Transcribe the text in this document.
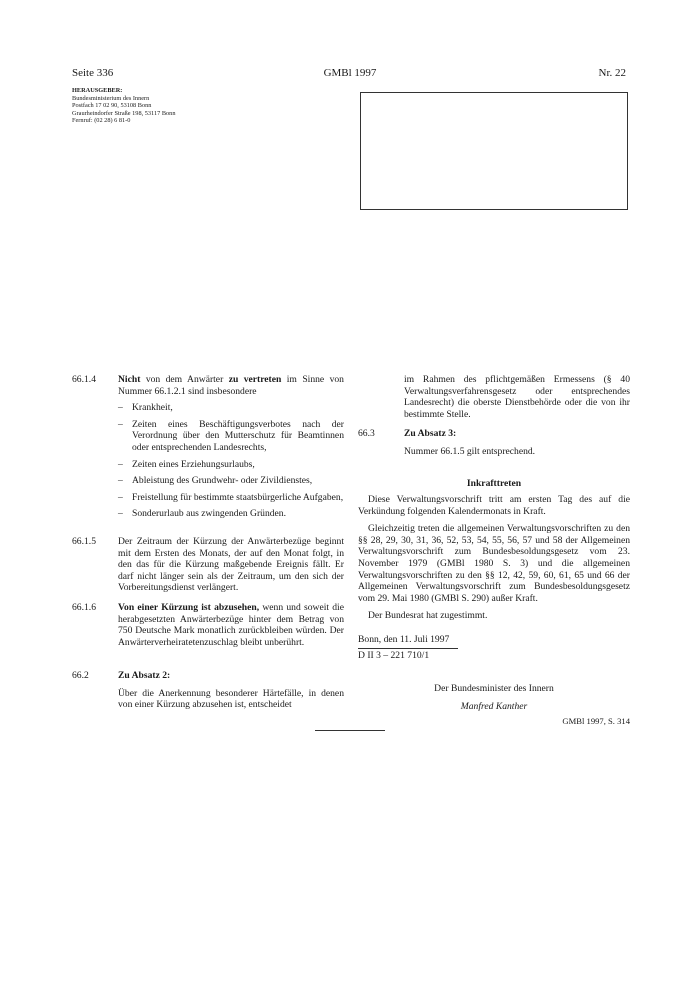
Seite 336	GMBl 1997	Nr. 22
HERAUSGEBER:
Bundesministerium des Innern
Postfach 17 02 90, 53108 Bonn
Graurheindorfer Straße 198, 53117 Bonn
Fernruf: (02 28) 6 81-0
66.1.4 Nicht von dem Anwärter zu vertreten im Sinne von Nummer 66.1.2.1 sind insbesondere
– Krankheit,
– Zeiten eines Beschäftigungsverbotes nach der Verordnung über den Mutterschutz für Beamtinnen oder entsprechenden Landesrechts,
– Zeiten eines Erziehungsurlaubs,
– Ableistung des Grundwehr- oder Zivildienstes,
– Freistellung für bestimmte staatsbürgerliche Aufgaben,
– Sonderurlaub aus zwingenden Gründen.
66.1.5 Der Zeitraum der Kürzung der Anwärterbezüge beginnt mit dem Ersten des Monats, der auf den Monat folgt, in den das für die Kürzung maßgebende Ereignis fällt. Er darf nicht länger sein als der Zeitraum, um den sich der Vorbereitungsdienst verlängert.
66.1.6 Von einer Kürzung ist abzusehen, wenn und soweit die herabgesetzten Anwärterbezüge hinter dem Betrag von 750 Deutsche Mark monatlich zurückbleiben würden. Der Anwärterverheiratetenzuschlag bleibt unberührt.
66.2	Zu Absatz 2:
Über die Anerkennung besonderer Härtefälle, in denen von einer Kürzung abzusehen ist, entscheidet
im Rahmen des pflichtgemäßen Ermessens (§ 40 Verwaltungsverfahrensgesetz oder entsprechendes Landesrecht) die oberste Dienstbehörde oder die von ihr bestimmte Stelle.
66.3	Zu Absatz 3:
Nummer 66.1.5 gilt entsprechend.
Inkrafttreten
Diese Verwaltungsvorschrift tritt am ersten Tag des auf die Verkündung folgenden Kalendermonats in Kraft.
Gleichzeitig treten die allgemeinen Verwaltungsvorschriften zu den §§ 28, 29, 30, 31, 36, 52, 53, 54, 55, 56, 57 und 58 der Allgemeinen Verwaltungsvorschrift zum Bundesbesoldungsgesetz vom 23. November 1979 (GMBl 1980 S. 3) und die allgemeinen Verwaltungsvorschriften zu den §§ 12, 42, 59, 60, 61, 65 und 66 der Allgemeinen Verwaltungsvorschrift zum Bundesbesoldungsgesetz vom 29. Mai 1980 (GMBl S. 290) außer Kraft.
Der Bundesrat hat zugestimmt.
Bonn, den 11. Juli 1997
D II 3 – 221 710/1
Der Bundesminister des Innern
Manfred Kanther
GMBl 1997, S. 314
